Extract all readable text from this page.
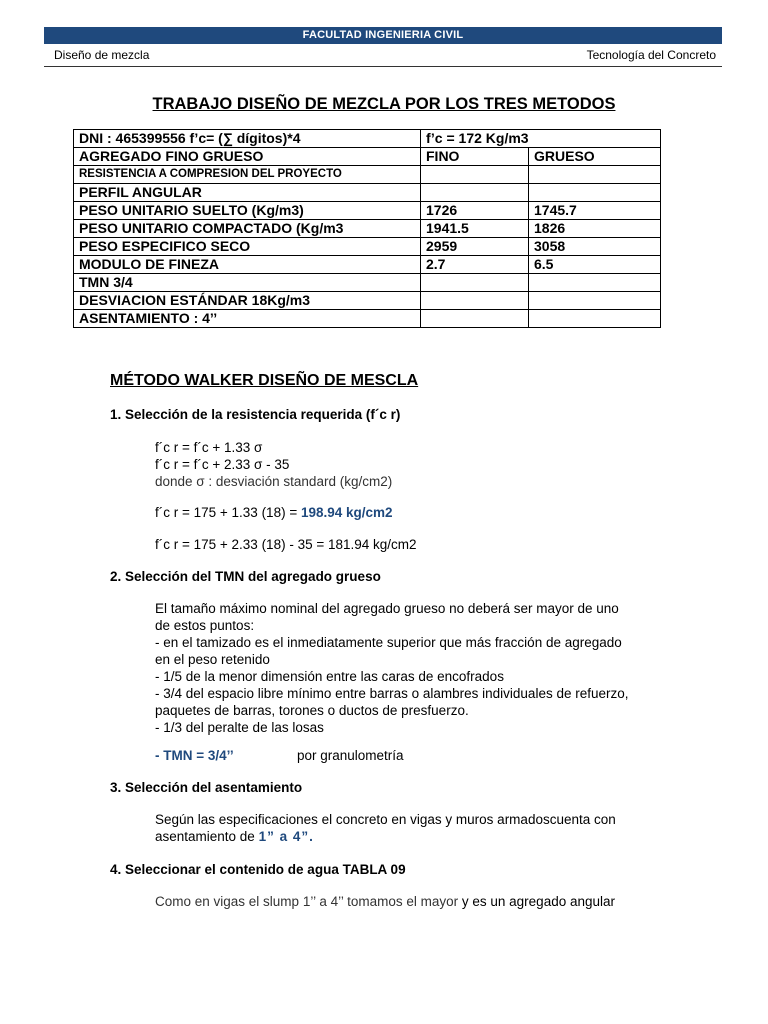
FACULTAD INGENIERIA CIVIL
Diseño de mezcla	Tecnología del Concreto
TRABAJO DISEÑO DE MEZCLA POR LOS TRES METODOS
DNI : 465399556 f’c= (∑ dígitos)*4	f’c = 172 Kg/m3	
AGREGADO FINO GRUESO	FINO	GRUESO
RESISTENCIA A COMPRESION DEL PROYECTO		
PERFIL ANGULAR		
PESO UNITARIO SUELTO (Kg/m3)	1726	1745.7
PESO UNITARIO COMPACTADO (Kg/m3	1941.5	1826
PESO ESPECIFICO SECO	2959	3058
MODULO DE FINEZA	2.7	6.5
TMN 3/4		
DESVIACION ESTÁNDAR 18Kg/m3		
ASENTAMIENTO : 4’’		
MÉTODO WALKER DISEÑO DE MESCLA
1. Selección de la resistencia requerida (f´c r)
f´c r = f´c + 1.33 σ
f´c r = f´c + 2.33 σ - 35
donde σ : desviación standard (kg/cm2)
f´c r = 175 + 1.33 (18) = 198.94 kg/cm2
f´c r = 175 + 2.33 (18) - 35 = 181.94 kg/cm2
2. Selección del TMN del agregado grueso

El tamaño máximo nominal del agregado grueso no deberá ser mayor de uno de estos puntos:

- en el tamizado es el inmediatamente superior que más fracción de agregado en el peso retenido

- 1/5 de la menor dimensión entre las caras de encofrados

- 3/4 del espacio libre mínimo entre barras o alambres individuales de refuerzo, paquetes de barras, torones o ductos de presfuerzo.

- 1/3 del peralte de las losas

- TMN = 3/4’’	por granulometría
3. Selección del asentamiento
Según las especificaciones el concreto en vigas y muros armadoscuenta con asentamiento de 1” a 4”.
4. Seleccionar el contenido de agua TABLA 09
Como en vigas el slump 1’’ a 4’’ tomamos el mayor y es un agregado angular
